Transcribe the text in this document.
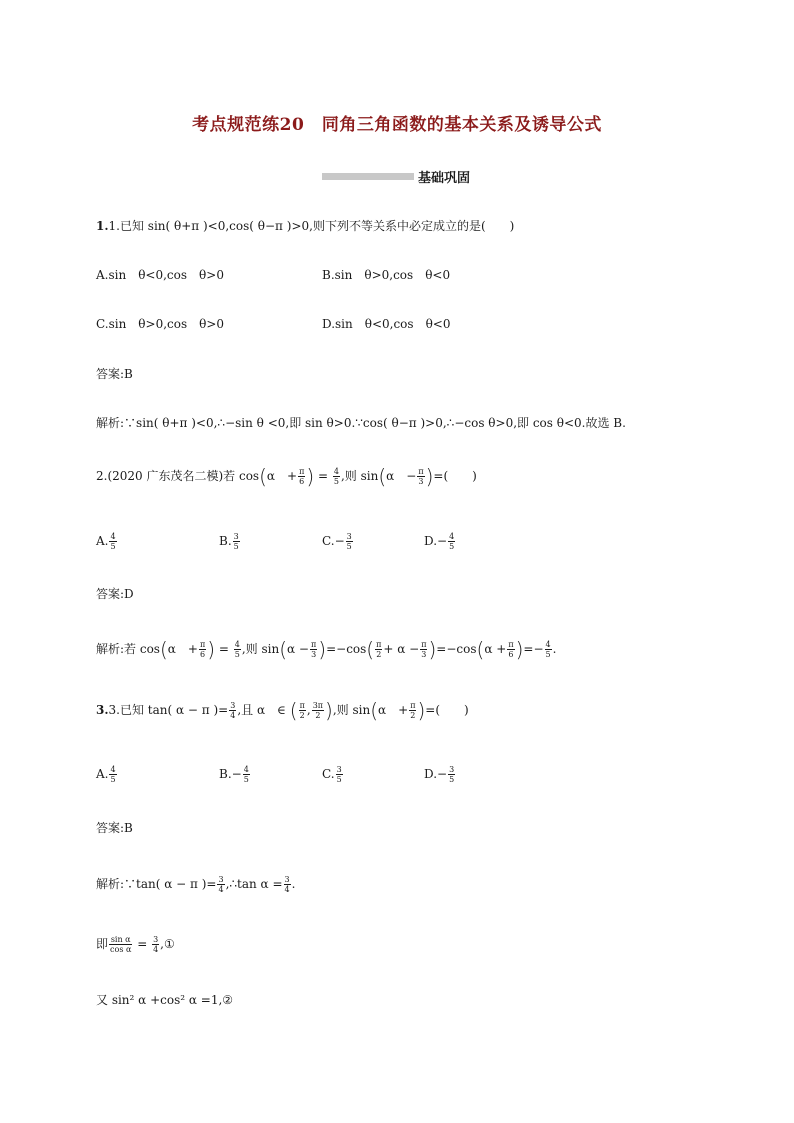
考点规范练20　同角三角函数的基本关系及诱导公式
基础巩固
1.1.已知 sin( θ+π )<0,cos( θ−π )>0,则下列不等关系中必定成立的是(　　)
A.sin　θ<0,cos　θ>0	B.sin　θ>0,cos　θ<0
C.sin　θ>0,cos　θ>0	D.sin　θ<0,cos　θ<0
答案:B
解析:∵sin( θ+π )<0,∴−sin θ <0,即 sin θ>0.∵cos( θ−π )>0,∴−cos θ>0,即 cos θ<0.故选 B.
2.(2020 广东茂名二模)若 cos(α　+ $\frac{\pi}{6}$ ) = $\frac{4}{5}$ ,则 sin(α　− $\frac{\pi}{3}$ )=(　　)
A. $\frac{4}{5}$	B. $\frac{3}{5}$	$C.- \frac{3}{5}$	$D.- \frac{4}{5}$
答案:D
解析:若 cos(α　+ $\frac{\pi}{6}$ ) = $\frac{4}{5}$ ,则 $\sin(\alpha - \frac{\pi}{3} )=-\cos( \frac{\pi}{2} + \alpha - \frac{\pi}{3} )=-\cos(\alpha + \frac{\pi}{6}$ )=− $\frac{4}{5}$ .
3.3.已知 tan( α − π )= $\frac{3}{4}$ ,且 α　∈ ( $\frac{\pi}{2}$ , $\frac{3\pi}{2}$ ),则 sin(α　+ $\frac{\pi}{2}$ )=(　　)
A. $\frac{4}{5}$	$B.- \frac{4}{5}$	C. $\frac{3}{5}$	$D.- \frac{3}{5}$
答案:B
解析:∵tan( α − π )= $\frac{3}{4}$ ,∴tan $\alpha = \frac{3}{4}$ .
即 $\frac{\text{sin α}}{\text{cos α}} = \frac{3}{4}$ ,①
又 sin² α +cos² α =1,②
